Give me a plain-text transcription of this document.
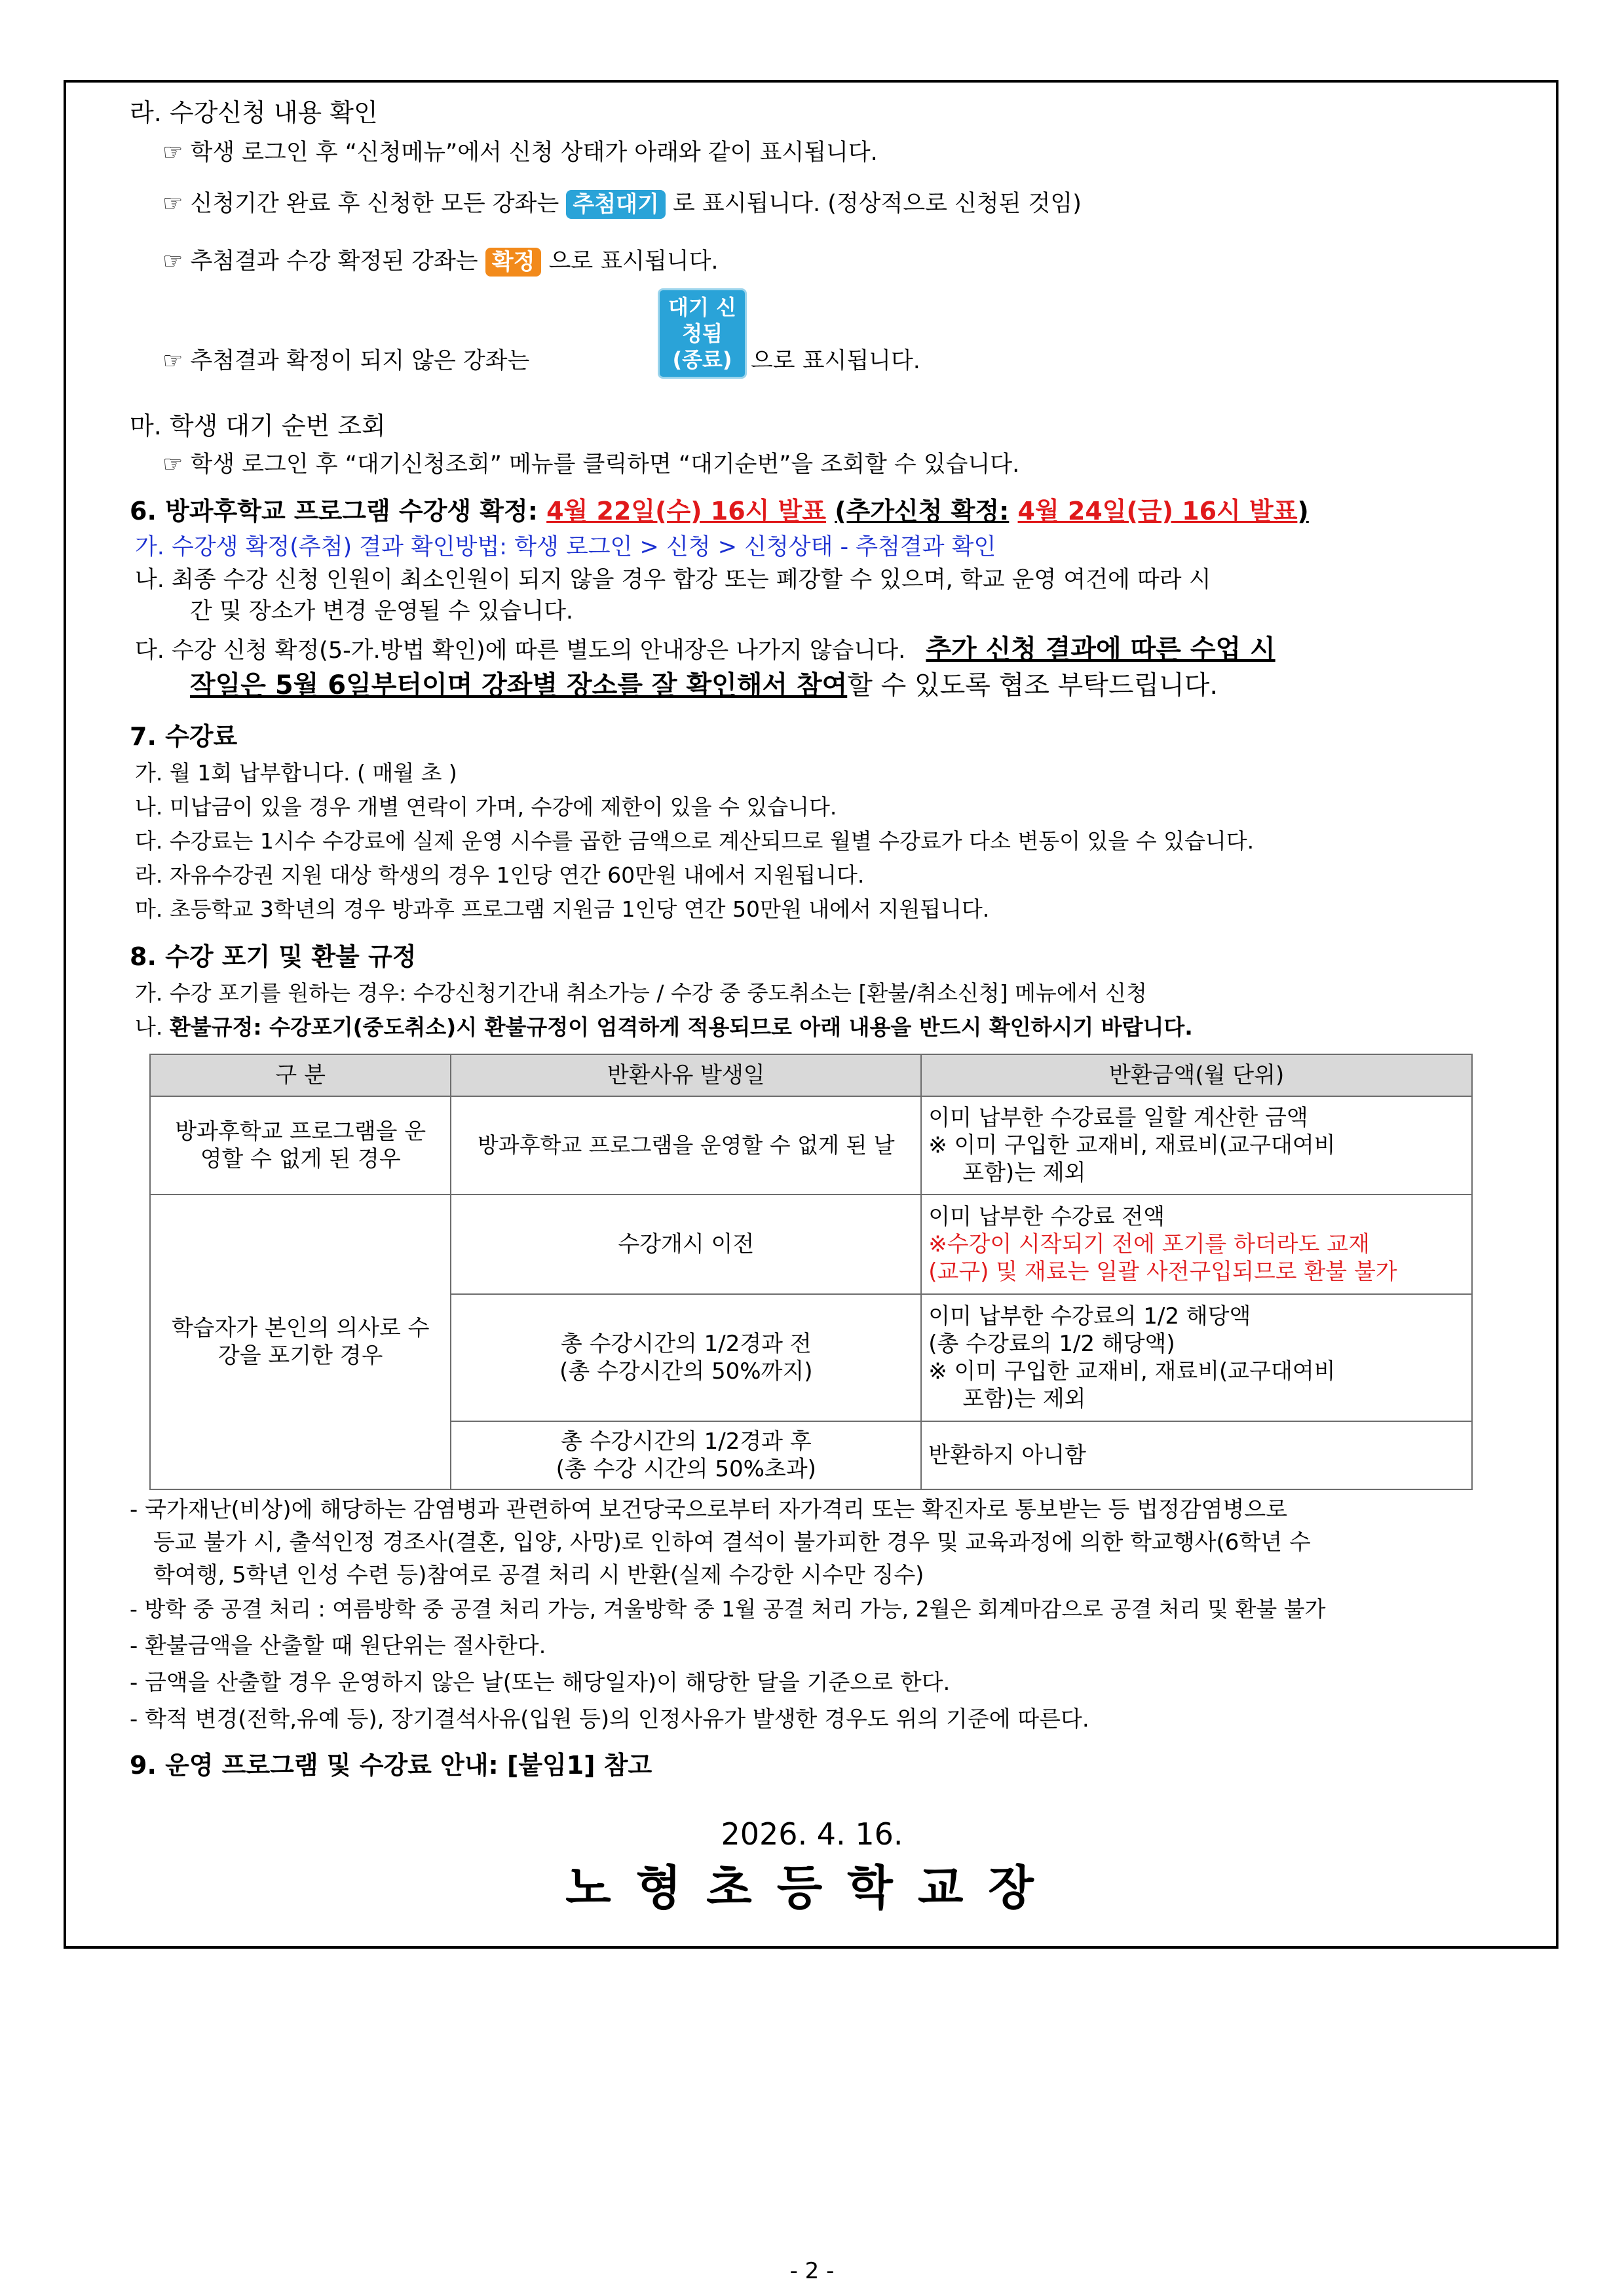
라. 수강신청 내용 확인
☞ 학생 로그인 후 “신청메뉴”에서 신청 상태가 아래와 같이 표시됩니다.
☞ 신청기간 완료 후 신청한 모든 강좌는 추첨대기 로 표시됩니다. (정상적으로 신청된 것임)
☞ 추첨결과 수강 확정된 강좌는 확정 으로 표시됩니다.
☞ 추첨결과 확정이 되지 않은 강좌는
대기 신청됨 (종료) 으로 표시됩니다.
마. 학생 대기 순번 조회
☞ 학생 로그인 후 “대기신청조회” 메뉴를 클릭하면 “대기순번”을 조회할 수 있습니다.
6. 방과후학교 프로그램 수강생 확정: 4월 22일(수) 16시 발표 (추가신청 확정: 4월 24일(금) 16시 발표)
가. 수강생 확정(추첨) 결과 확인방법: 학생 로그인 > 신청 > 신청상태 - 추첨결과 확인
나. 최종 수강 신청 인원이 최소인원이 되지 않을 경우 합강 또는 폐강할 수 있으며, 학교 운영 여건에 따라 시
간 및 장소가 변경 운영될 수 있습니다.
다. 수강 신청 확정(5-가.방법 확인)에 따른 별도의 안내장은 나가지 않습니다. 추가 신청 결과에 따른 수업 시
작일은 5월 6일부터이며 강좌별 장소를 잘 확인해서 참여할 수 있도록 협조 부탁드립니다.
7. 수강료
가. 월 1회 납부합니다. ( 매월 초 )
나. 미납금이 있을 경우 개별 연락이 가며, 수강에 제한이 있을 수 있습니다.
다. 수강료는 1시수 수강료에 실제 운영 시수를 곱한 금액으로 계산되므로 월별 수강료가 다소 변동이 있을 수 있습니다.
라. 자유수강권 지원 대상 학생의 경우 1인당 연간 60만원 내에서 지원됩니다.
마. 초등학교 3학년의 경우 방과후 프로그램 지원금 1인당 연간 50만원 내에서 지원됩니다.
8. 수강 포기 및 환불 규정
가. 수강 포기를 원하는 경우: 수강신청기간내 취소가능 / 수강 중 중도취소는 [환불/취소신청] 메뉴에서 신청
나. 환불규정: 수강포기(중도취소)시 환불규정이 엄격하게 적용되므로 아래 내용을 반드시 확인하시기 바랍니다.
구 분	반환사유 발생일	반환금액(월 단위)
방과후학교 프로그램을 운영할 수 없게 된 경우	방과후학교 프로그램을 운영할 수 없게 된 날	이미 납부한 수강료를 일할 계산한 금액
※ 이미 구입한 교재비, 재료비(교구대여비
포함)는 제외

학습자가 본인의 의사로 수강을 포기한 경우	수강개시 이전	이미 납부한 수강료 전액
※수강이 시작되기 전에 포기를 하더라도 교재
(교구) 및 재료는 일괄 사전구입되므로 환불 불가

	총 수강시간의 1/2경과 전
(총 수강시간의 50%까지)	이미 납부한 수강료의 1/2 해당액
(총 수강료의 1/2 해당액)
※ 이미 구입한 교재비, 재료비(교구대여비
포함)는 제외

	총 수강시간의 1/2경과 후
(총 수강 시간의 50%초과)	반환하지 아니함
- 국가재난(비상)에 해당하는 감염병과 관련하여 보건당국으로부터 자가격리 또는 확진자로 통보받는 등 법정감염병으로
등교 불가 시, 출석인정 경조사(결혼, 입양, 사망)로 인하여 결석이 불가피한 경우 및 교육과정에 의한 학교행사(6학년 수
학여행, 5학년 인성 수련 등)참여로 공결 처리 시 반환(실제 수강한 시수만 징수)
- 방학 중 공결 처리 : 여름방학 중 공결 처리 가능, 겨울방학 중 1월 공결 처리 가능, 2월은 회계마감으로 공결 처리 및 환불 불가
- 환불금액을 산출할 때 원단위는 절사한다.
- 금액을 산출할 경우 운영하지 않은 날(또는 해당일자)이 해당한 달을 기준으로 한다.
- 학적 변경(전학,유예 등), 장기결석사유(입원 등)의 인정사유가 발생한 경우도 위의 기준에 따른다.
9. 운영 프로그램 및 수강료 안내: [붙임1] 참고
2026. 4. 16.
노형초등학교장
- 2 -
